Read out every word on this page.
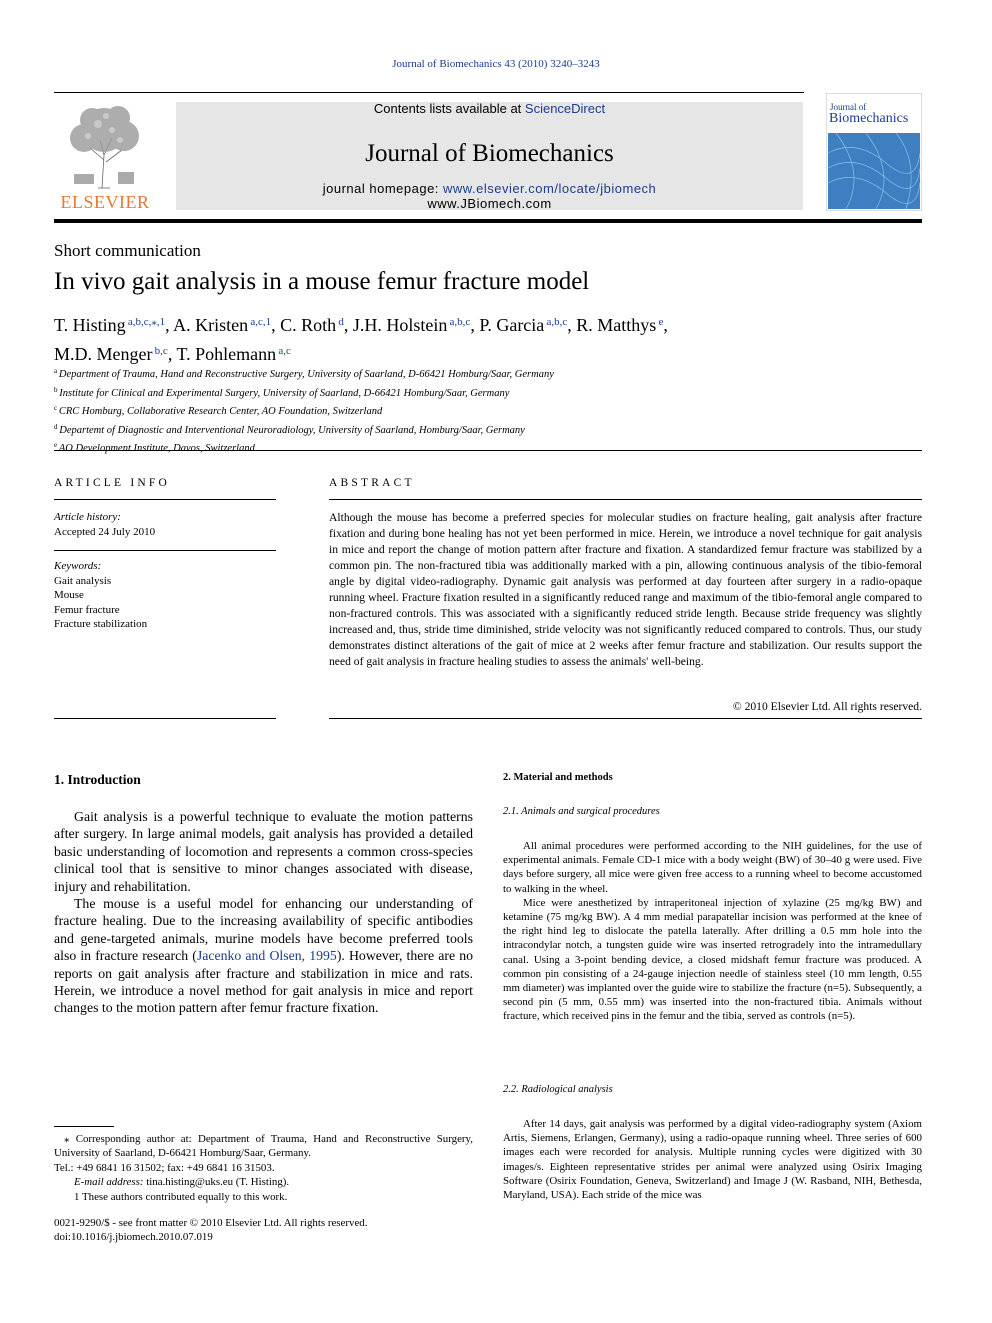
Journal of Biomechanics 43 (2010) 3240–3243
ELSEVIER
Contents lists available at ScienceDirect
Journal of Biomechanics
journal homepage: www.elsevier.com/locate/jbiomech
www.JBiomech.com
Journal of
Biomechanics
Short communication
In vivo gait analysis in a mouse femur fracture model
T. Histing $^{a,b,c,⁎,1}$, A. Kristen $^{a,c,1}$, C. Roth $^d$, J.H. Holstein $^{a,b,c}$, P. Garcia $^{a,b,c}$, R. Matthys $^e$,
M.D. Menger $^{b,c}$, T. Pohlemann $^{a,c}$
$^a$ Department of Trauma, Hand and Reconstructive Surgery, University of Saarland, D-66421 Homburg/Saar, Germany
$^b$ Institute for Clinical and Experimental Surgery, University of Saarland, D-66421 Homburg/Saar, Germany
$^c$ CRC Homburg, Collaborative Research Center, AO Foundation, Switzerland
$^d$ Departemt of Diagnostic and Interventional Neuroradiology, University of Saarland, Homburg/Saar, Germany
$^e$ AO Development Institute, Davos, Switzerland
ARTICLE INFO	ABSTRACT
Article history:
Accepted 24 July 2010
Keywords:
Gait analysis
Mouse
Femur fracture
Fracture stabilization
Although the mouse has become a preferred species for molecular studies on fracture healing, gait analysis after fracture fixation and during bone healing has not yet been performed in mice. Herein, we introduce a novel technique for gait analysis in mice and report the change of motion pattern after fracture and fixation. A standardized femur fracture was stabilized by a common pin. The non-fractured tibia was additionally marked with a pin, allowing continuous analysis of the tibio-femoral angle by digital video-radiography. Dynamic gait analysis was performed at day fourteen after surgery in a radio-opaque running wheel. Fracture fixation resulted in a significantly reduced range and maximum of the tibio-femoral angle compared to non-fractured controls. This was associated with a significantly reduced stride length. Because stride frequency was slightly increased and, thus, stride time diminished, stride velocity was not significantly reduced compared to controls. Thus, our study demonstrates distinct alterations of the gait of mice at 2 weeks after femur fracture and stabilization. Our results support the need of gait analysis in fracture healing studies to assess the animals' well-being.
© 2010 Elsevier Ltd. All rights reserved.
1. Introduction

Gait analysis is a powerful technique to evaluate the motion patterns after surgery. In large animal models, gait analysis has provided a detailed basic understanding of locomotion and represents a common cross-species clinical tool that is sensitive to minor changes associated with disease, injury and rehabilitation.

The mouse is a useful model for enhancing our understanding of fracture healing. Due to the increasing availability of specific antibodies and gene-targeted animals, murine models have become preferred tools also in fracture research (Jacenko and Olsen, 1995). However, there are no reports on gait analysis after fracture and stabilization in mice and rats. Herein, we introduce a novel method for gait analysis in mice and report changes to the motion pattern after femur fracture fixation.

2. Material and methods
2.1. Animals and surgical procedures

All animal procedures were performed according to the NIH guidelines, for the use of experimental animals. Female CD-1 mice with a body weight (BW) of 30–40 g were used. Five days before surgery, all mice were given free access to a running wheel to become accustomed to walking in the wheel.

Mice were anesthetized by intraperitoneal injection of xylazine (25 mg/kg BW) and ketamine (75 mg/kg BW). A 4 mm medial parapatellar incision was performed at the knee of the right hind leg to dislocate the patella laterally. After drilling a 0.5 mm hole into the intracondylar notch, a tungsten guide wire was inserted retrogradely into the intramedullary canal. Using a 3-point bending device, a closed midshaft femur fracture was produced. A common pin consisting of a 24-gauge injection needle of stainless steel (10 mm length, 0.55 mm diameter) was implanted over the guide wire to stabilize the fracture (n=5). Subsequently, a second pin (5 mm, 0.55 mm) was inserted into the non-fractured tibia. Animals without fracture, which received pins in the femur and the tibia, served as controls (n=5).

2.2. Radiological analysis

After 14 days, gait analysis was performed by a digital video-radiography system (Axiom Artis, Siemens, Erlangen, Germany), using a radio-opaque running wheel. Three series of 600 images each were recorded for analysis. Multiple running cycles were digitized with 30 images/s. Eighteen representative strides per animal were analyzed using Osirix Imaging Software (Osirix Foundation, Geneva, Switzerland) and Image J (W. Rasband, NIH, Bethesda, Maryland, USA). Each stride of the mice was

⁎ Corresponding author at: Department of Trauma, Hand and Reconstructive Surgery, University of Saarland, D-66421 Homburg/Saar, Germany.

Tel.: +49 6841 16 31502; fax: +49 6841 16 31503.

E-mail address: tina.histing@uks.eu (T. Histing).

1 These authors contributed equally to this work.

0021-9290/$ - see front matter © 2010 Elsevier Ltd. All rights reserved.
doi:10.1016/j.jbiomech.2010.07.019
